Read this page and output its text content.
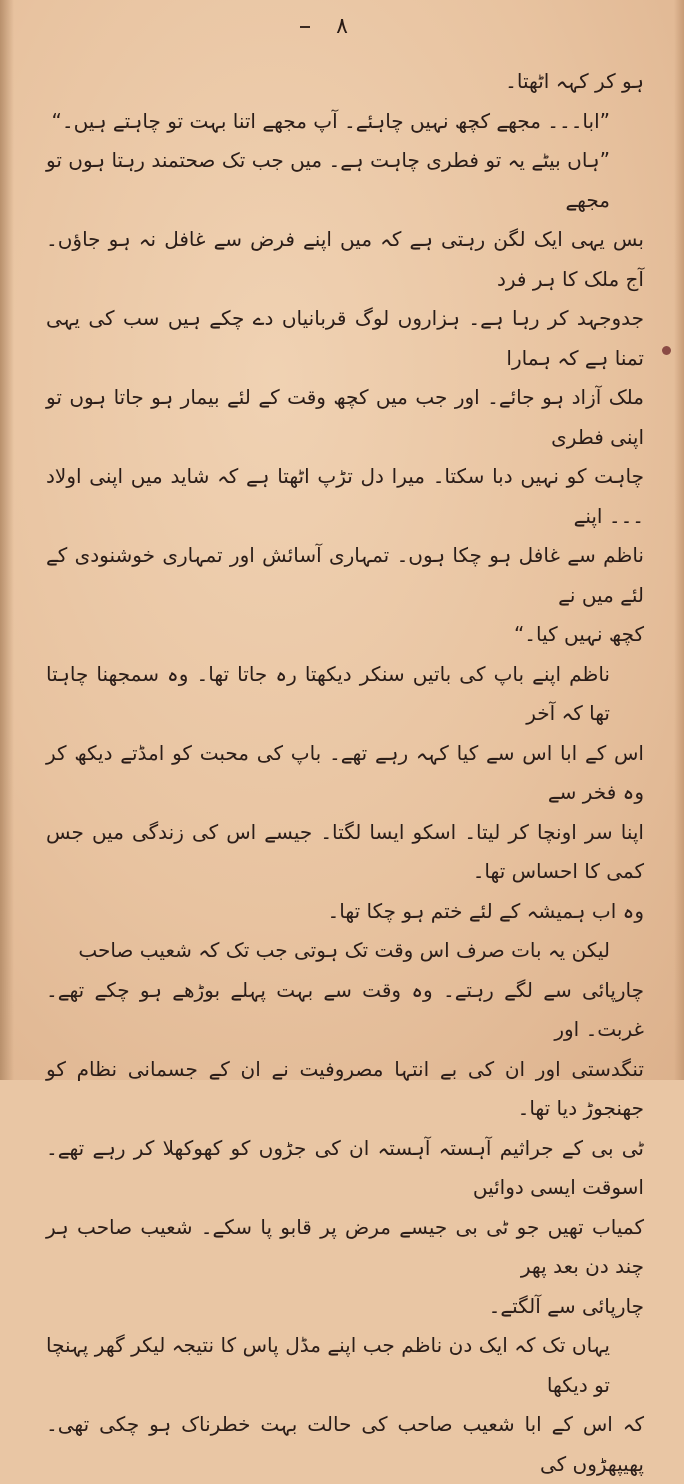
۸

ہو کر کہہ اٹھتا۔

”ابا۔۔۔ مجھے کچھ نہیں چاہئے۔ آپ مجھے اتنا بہت تو چاہتے ہیں۔“

”ہاں بیٹے یہ تو فطری چاہت ہے۔ میں جب تک صحتمند رہتا ہوں تو مجھے

بس یہی ایک لگن رہتی ہے کہ میں اپنے فرض سے غافل نہ ہو جاؤں۔ آج ملک کا ہر فرد

جدوجہد کر رہا ہے۔ ہزاروں لوگ قربانیاں دے چکے ہیں سب کی یہی تمنا ہے کہ ہمارا

ملک آزاد ہو جائے۔ اور جب میں کچھ وقت کے لئے بیمار ہو جاتا ہوں تو اپنی فطری

چاہت کو نہیں دبا سکتا۔ میرا دل تڑپ اٹھتا ہے کہ شاید میں اپنی اولاد ۔۔۔ اپنے

ناظم سے غافل ہو چکا ہوں۔ تمہاری آسائش اور تمہاری خوشنودی کے لئے میں نے

کچھ نہیں کیا۔“

ناظم اپنے باپ کی باتیں سنکر دیکھتا رہ جاتا تھا۔ وہ سمجھنا چاہتا تھا کہ آخر

اس کے ابا اس سے کیا کہہ رہے تھے۔ باپ کی محبت کو امڈتے دیکھ کر وہ فخر سے

اپنا سر اونچا کر لیتا۔ اسکو ایسا لگتا۔ جیسے اس کی زندگی میں جس کمی کا احساس تھا۔

وہ اب ہمیشہ کے لئے ختم ہو چکا تھا۔

لیکن یہ بات صرف اس وقت تک ہوتی جب تک کہ شعیب صاحب

چارپائی سے لگے رہتے۔ وہ وقت سے بہت پہلے بوڑھے ہو چکے تھے۔ غربت۔ اور

تنگدستی اور ان کی بے انتہا مصروفیت نے ان کے جسمانی نظام کو جھنجوڑ دیا تھا۔

ٹی بی کے جراثیم آہستہ آہستہ ان کی جڑوں کو کھوکھلا کر رہے تھے۔ اسوقت ایسی دوائیں

کمیاب تھیں جو ٹی بی جیسے مرض پر قابو پا سکے۔ شعیب صاحب ہر چند دن بعد پھر

چارپائی سے آلگتے۔

یہاں تک کہ ایک دن ناظم جب اپنے مڈل پاس کا نتیجہ لیکر گھر پہنچا تو دیکھا

کہ اس کے ابا شعیب صاحب کی حالت بہت خطرناک ہو چکی تھی۔ پھیپھڑوں کی
